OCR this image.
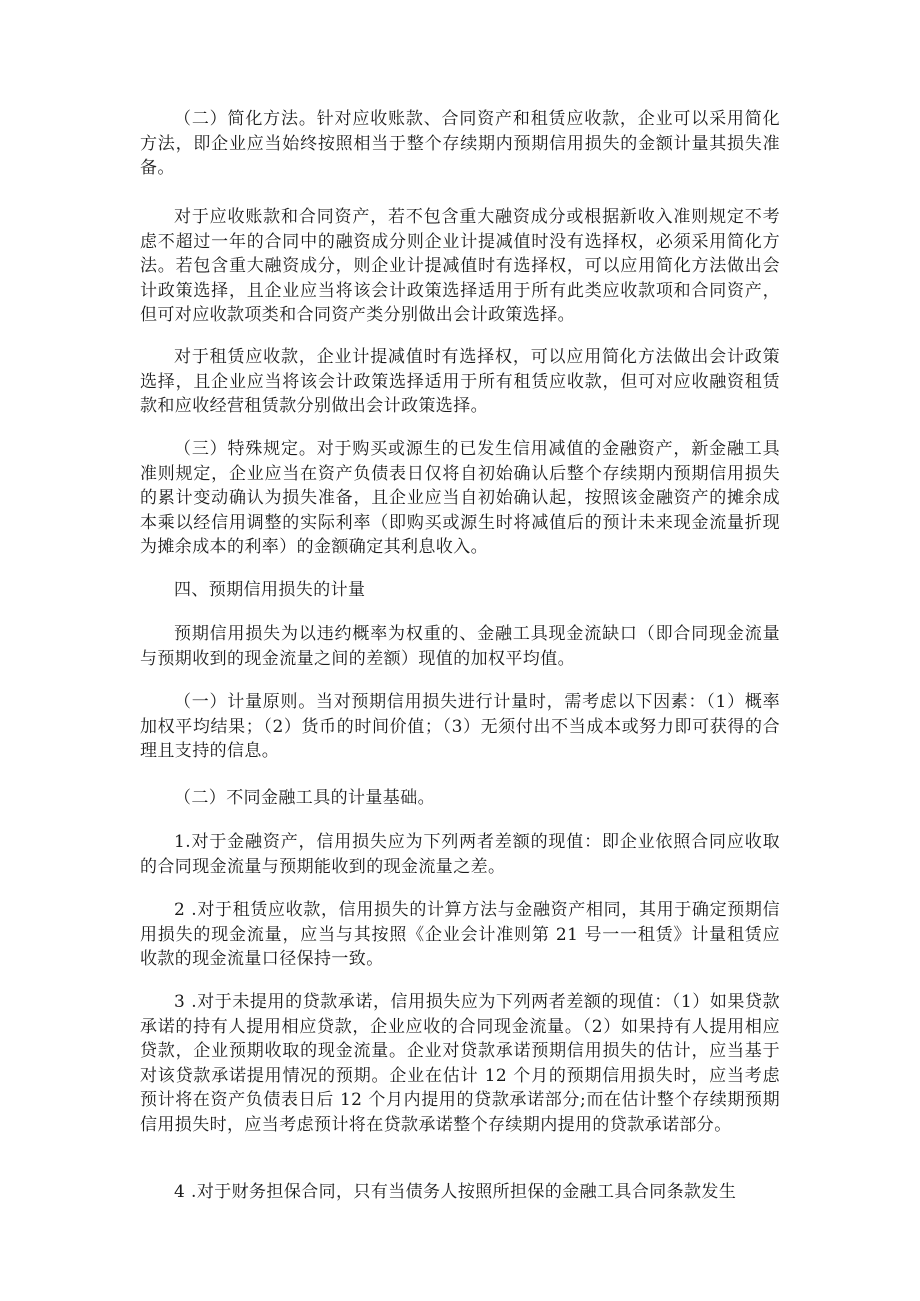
（二）简化方法。针对应收账款、合同资产和租赁应收款，企业可以采用简化方法，即企业应当始终按照相当于整个存续期内预期信用损失的金额计量其损失准备。

对于应收账款和合同资产，若不包含重大融资成分或根据新收入准则规定不考虑不超过一年的合同中的融资成分则企业计提减值时没有选择权，必须采用简化方法。若包含重大融资成分，则企业计提减值时有选择权，可以应用简化方法做出会计政策选择，且企业应当将该会计政策选择适用于所有此类应收款项和合同资产，但可对应收款项类和合同资产类分别做出会计政策选择。

对于租赁应收款，企业计提减值时有选择权，可以应用简化方法做出会计政策选择，且企业应当将该会计政策选择适用于所有租赁应收款，但可对应收融资租赁款和应收经营租赁款分别做出会计政策选择。

（三）特殊规定。对于购买或源生的已发生信用减值的金融资产，新金融工具准则规定，企业应当在资产负债表日仅将自初始确认后整个存续期内预期信用损失的累计变动确认为损失准备，且企业应当自初始确认起，按照该金融资产的摊余成本乘以经信用调整的实际利率（即购买或源生时将减值后的预计未来现金流量折现为摊余成本的利率）的金额确定其利息收入。

四、预期信用损失的计量

预期信用损失为以违约概率为权重的、金融工具现金流缺口（即合同现金流量与预期收到的现金流量之间的差额）现值的加权平均值。

（一）计量原则。当对预期信用损失进行计量时，需考虑以下因素：（1）概率加权平均结果；（2）货币的时间价值；（3）无须付出不当成本或努力即可获得的合理且支持的信息。

（二）不同金融工具的计量基础。

1.对于金融资产，信用损失应为下列两者差额的现值：即企业依照合同应收取的合同现金流量与预期能收到的现金流量之差。

2 .对于租赁应收款，信用损失的计算方法与金融资产相同，其用于确定预期信用损失的现金流量，应当与其按照《企业会计准则第 21 号一一租赁》计量租赁应收款的现金流量口径保持一致。

3 .对于未提用的贷款承诺，信用损失应为下列两者差额的现值：（1）如果贷款承诺的持有人提用相应贷款，企业应收的合同现金流量。（2）如果持有人提用相应贷款，企业预期收取的现金流量。企业对贷款承诺预期信用损失的估计，应当基于对该贷款承诺提用情况的预期。企业在估计 12 个月的预期信用损失时，应当考虑预计将在资产负债表日后 12 个月内提用的贷款承诺部分;而在估计整个存续期预期信用损失时，应当考虑预计将在贷款承诺整个存续期内提用的贷款承诺部分。

4 .对于财务担保合同，只有当债务人按照所担保的金融工具合同条款发生
